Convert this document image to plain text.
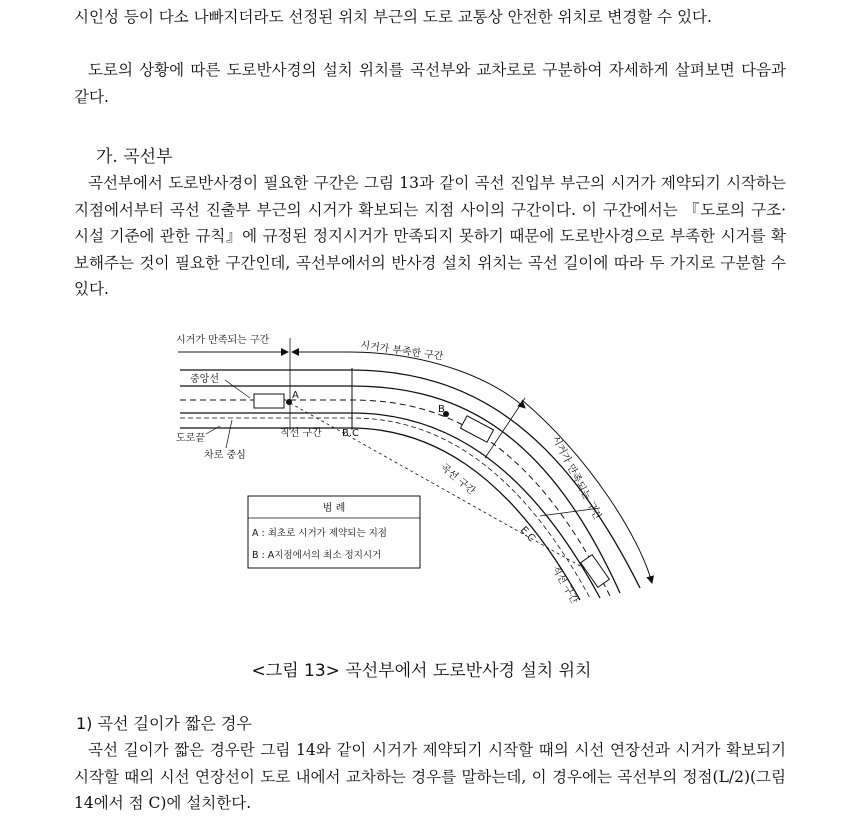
시인성 등이 다소 나빠지더라도 선정된 위치 부근의 도로 교통상 안전한 위치로 변경할 수 있다.

도로의 상황에 따른 도로반사경의 설치 위치를 곡선부와 교차로로 구분하여 자세하게 살펴보면 다음과 같다.

가. 곡선부

곡선부에서 도로반사경이 필요한 구간은 그림 13과 같이 곡선 진입부 부근의 시거가 제약되기 시작하는 지점에서부터 곡선 진출부 부근의 시거가 확보되는 지점 사이의 구간이다. 이 구간에서는 『도로의 구조·시설 기준에 관한 규칙』에 규정된 정지시거가 만족되지 못하기 때문에 도로반사경으로 부족한 시거를 확보해주는 것이 필요한 구간인데, 곡선부에서의 반사경 설치 위치는 곡선 길이에 따라 두 가지로 구분할 수 있다.

시거가 만족되는 구간	시거가 부족한 구간
시거가 만족되는 구간
중앙선
도로끝
차로 중심
A
B
직선 구간 B.C
곡선 구간
E.C
직선 구간
범 례
A : 최초로 시거가 제약되는 지점
B : A지점에서의 최소 정지시거
<그림 13> 곡선부에서 도로반사경 설치 위치
1) 곡선 길이가 짧은 경우

곡선 길이가 짧은 경우란 그림 14와 같이 시거가 제약되기 시작할 때의 시선 연장선과 시거가 확보되기 시작할 때의 시선 연장선이 도로 내에서 교차하는 경우를 말하는데, 이 경우에는 곡선부의 정점(L/2)(그림 14에서 점 C)에 설치한다.
